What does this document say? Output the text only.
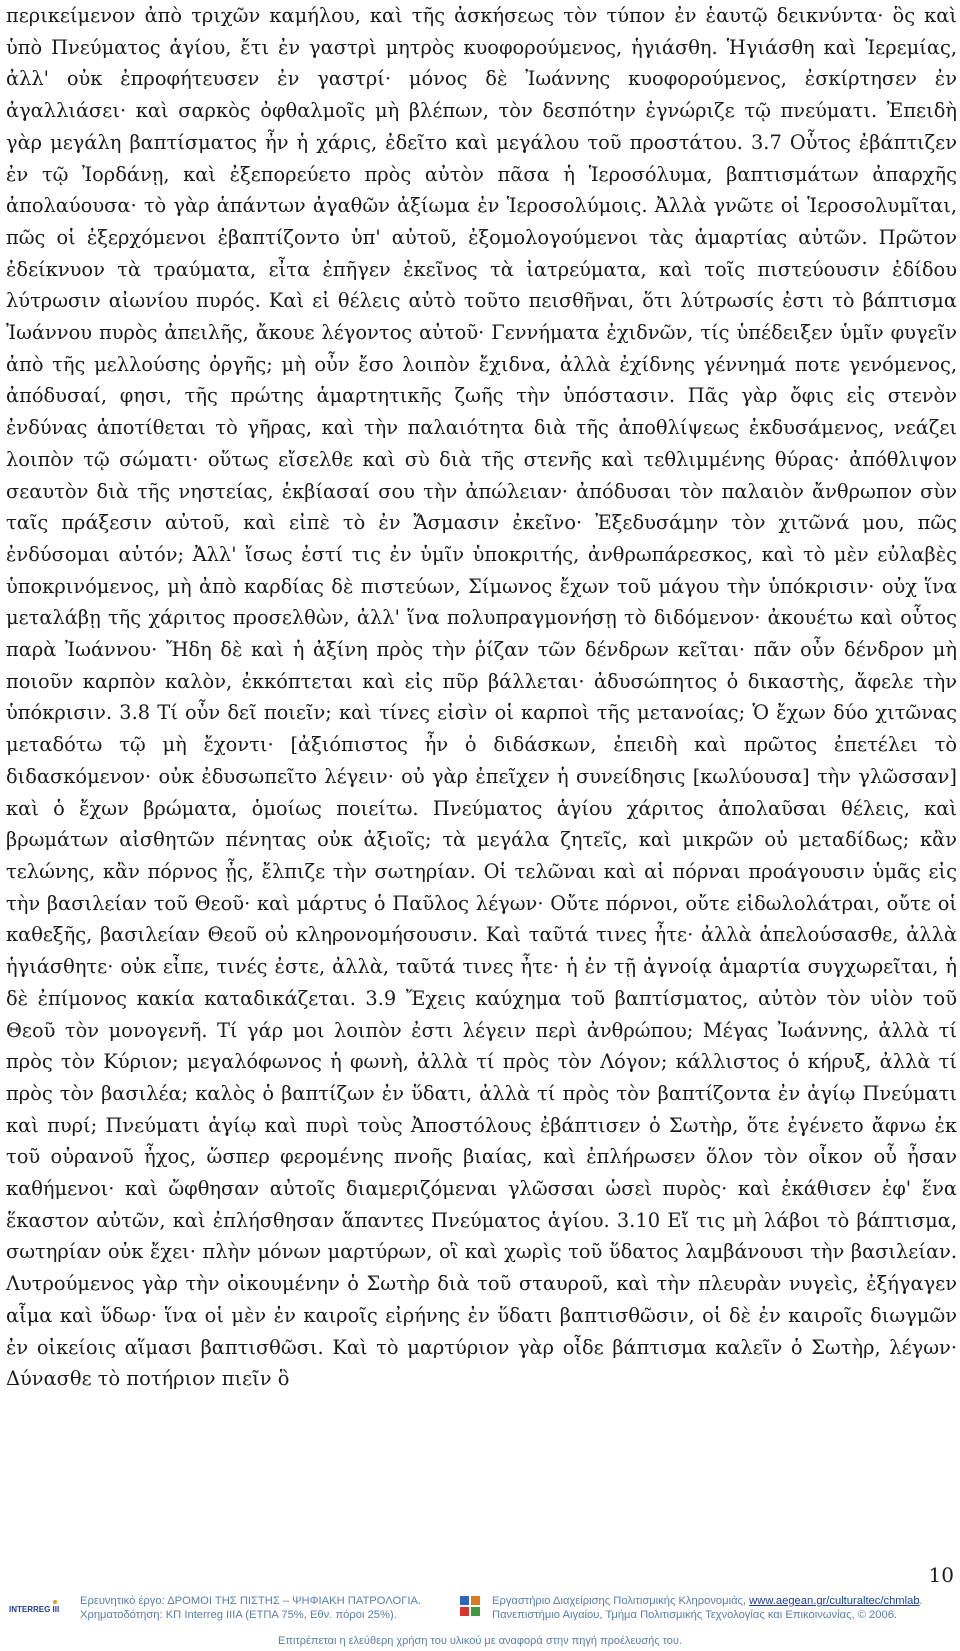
περικείμενον ἀπὸ τριχῶν καμήλου, καὶ τῆς ἀσκήσεως τὸν τύπον ἐν ἑαυτῷ δεικνύντα· ὃς καὶ ὑπὸ Πνεύματος ἁγίου, ἔτι ἐν γαστρὶ μητρὸς κυοφορούμενος, ἡγιάσθη. Ἡγιάσθη καὶ Ἱερεμίας, ἀλλ' οὐκ ἐπροφήτευσεν ἐν γαστρί· μόνος δὲ Ἰωάννης κυοφορούμενος, ἐσκίρτησεν ἐν ἀγαλλιάσει· καὶ σαρκὸς ὀφθαλμοῖς μὴ βλέπων, τὸν δεσπότην ἐγνώριζε τῷ πνεύματι. Ἐπειδὴ γὰρ μεγάλη βαπτίσματος ἦν ἡ χάρις, ἐδεῖτο καὶ μεγάλου τοῦ προστάτου. 3.7 Οὗτος ἐβάπτιζεν ἐν τῷ Ἰορδάνῃ, καὶ ἐξεπορεύετο πρὸς αὐτὸν πᾶσα ἡ Ἱεροσόλυμα, βαπτισμάτων ἀπαρχῆς ἀπολαύουσα· τὸ γὰρ ἁπάντων ἀγαθῶν ἀξίωμα ἐν Ἱεροσολύμοις. Ἀλλὰ γνῶτε οἱ Ἱεροσολυμῖται, πῶς οἱ ἐξερχόμενοι ἐβαπτίζοντο ὑπ' αὐτοῦ, ἐξομολογούμενοι τὰς ἁμαρτίας αὐτῶν. Πρῶτον ἐδείκνυον τὰ τραύματα, εἶτα ἐπῆγεν ἐκεῖνος τὰ ἰατρεύματα, καὶ τοῖς πιστεύουσιν ἐδίδου λύτρωσιν αἰωνίου πυρός. Καὶ εἰ θέλεις αὐτὸ τοῦτο πεισθῆναι, ὅτι λύτρωσίς ἐστι τὸ βάπτισμα Ἰωάννου πυρὸς ἀπειλῆς, ἄκουε λέγοντος αὐτοῦ· Γεννήματα ἐχιδνῶν, τίς ὑπέδειξεν ὑμῖν φυγεῖν ἀπὸ τῆς μελλούσης ὀργῆς; μὴ οὖν ἔσο λοιπὸν ἔχιδνα, ἀλλὰ ἐχίδνης γέννημά ποτε γενόμενος, ἀπόδυσαί, φησι, τῆς πρώτης ἁμαρτητικῆς ζωῆς τὴν ὑπόστασιν. Πᾶς γὰρ ὄφις εἰς στενὸν ἐνδύνας ἀποτίθεται τὸ γῆρας, καὶ τὴν παλαιότητα διὰ τῆς ἀποθλίψεως ἐκδυσάμενος, νεάζει λοιπὸν τῷ σώματι· οὕτως εἴσελθε καὶ σὺ διὰ τῆς στενῆς καὶ τεθλιμμένης θύρας· ἀπόθλιψον σεαυτὸν διὰ τῆς νηστείας, ἐκβίασαί σου τὴν ἀπώλειαν· ἀπόδυσαι τὸν παλαιὸν ἄνθρωπον σὺν ταῖς πράξεσιν αὐτοῦ, καὶ εἰπὲ τὸ ἐν Ἄσμασιν ἐκεῖνο· Ἐξεδυσάμην τὸν χιτῶνά μου, πῶς ἐνδύσομαι αὐτόν; Ἀλλ' ἴσως ἐστί τις ἐν ὑμῖν ὑποκριτής, ἀνθρωπάρεσκος, καὶ τὸ μὲν εὐλαβὲς ὑποκρινόμενος, μὴ ἀπὸ καρδίας δὲ πιστεύων, Σίμωνος ἔχων τοῦ μάγου τὴν ὑπόκρισιν· οὐχ ἵνα μεταλάβῃ τῆς χάριτος προσελθὼν, ἀλλ' ἵνα πολυπραγμονήσῃ τὸ διδόμενον· ἀκουέτω καὶ οὗτος παρὰ Ἰωάννου· Ἤδη δὲ καὶ ἡ ἀξίνη πρὸς τὴν ῥίζαν τῶν δένδρων κεῖται· πᾶν οὖν δένδρον μὴ ποιοῦν καρπὸν καλὸν, ἐκκόπτεται καὶ εἰς πῦρ βάλλεται· ἀδυσώπητος ὁ δικαστὴς, ἄφελε τὴν ὑπόκρισιν. 3.8 Τί οὖν δεῖ ποιεῖν; καὶ τίνες εἰσὶν οἱ καρποὶ τῆς μετανοίας; Ὁ ἔχων δύο χιτῶνας μεταδότω τῷ μὴ ἔχοντι· [ἀξιόπιστος ἦν ὁ διδάσκων, ἐπειδὴ καὶ πρῶτος ἐπετέλει τὸ διδασκόμενον· οὐκ ἐδυσωπεῖτο λέγειν· οὐ γὰρ ἐπεῖχεν ἡ συνείδησις [κωλύουσα] τὴν γλῶσσαν] καὶ ὁ ἔχων βρώματα, ὁμοίως ποιείτω. Πνεύματος ἁγίου χάριτος ἀπολαῦσαι θέλεις, καὶ βρωμάτων αἰσθητῶν πένητας οὐκ ἀξιοῖς; τὰ μεγάλα ζητεῖς, καὶ μικρῶν οὐ μεταδίδως; κἂν τελώνης, κἂν πόρνος ᾖς, ἔλπιζε τὴν σωτηρίαν. Οἱ τελῶναι καὶ αἱ πόρναι προάγουσιν ὑμᾶς εἰς τὴν βασιλείαν τοῦ Θεοῦ· καὶ μάρτυς ὁ Παῦλος λέγων· Οὔτε πόρνοι, οὔτε εἰδωλολάτραι, οὔτε οἱ καθεξῆς, βασιλείαν Θεοῦ οὐ κληρονομήσουσιν. Καὶ ταῦτά τινες ἦτε· ἀλλὰ ἀπελούσασθε, ἀλλὰ ἡγιάσθητε· οὐκ εἶπε, τινές ἐστε, ἀλλὰ, ταῦτά τινες ἦτε· ἡ ἐν τῇ ἀγνοίᾳ ἁμαρτία συγχωρεῖται, ἡ δὲ ἐπίμονος κακία καταδικάζεται. 3.9 Ἔχεις καύχημα τοῦ βαπτίσματος, αὐτὸν τὸν υἱὸν τοῦ Θεοῦ τὸν μονογενῆ. Τί γάρ μοι λοιπὸν ἐστι λέγειν περὶ ἀνθρώπου; Μέγας Ἰωάννης, ἀλλὰ τί πρὸς τὸν Κύριον; μεγαλόφωνος ἡ φωνὴ, ἀλλὰ τί πρὸς τὸν Λόγον; κάλλιστος ὁ κήρυξ, ἀλλὰ τί πρὸς τὸν βασιλέα; καλὸς ὁ βαπτίζων ἐν ὕδατι, ἀλλὰ τί πρὸς τὸν βαπτίζοντα ἐν ἁγίῳ Πνεύματι καὶ πυρί; Πνεύματι ἁγίῳ καὶ πυρὶ τοὺς Ἀποστόλους ἐβάπτισεν ὁ Σωτὴρ, ὅτε ἐγένετο ἄφνω ἐκ τοῦ οὐρανοῦ ἦχος, ὥσπερ φερομένης πνοῆς βιαίας, καὶ ἐπλήρωσεν ὅλον τὸν οἶκον οὗ ἦσαν καθήμενοι· καὶ ὤφθησαν αὐτοῖς διαμεριζόμεναι γλῶσσαι ὡσεὶ πυρὸς· καὶ ἐκάθισεν ἐφ' ἕνα ἕκαστον αὐτῶν, καὶ ἐπλήσθησαν ἅπαντες Πνεύματος ἁγίου. 3.10 Εἴ τις μὴ λάβοι τὸ βάπτισμα, σωτηρίαν οὐκ ἔχει· πλὴν μόνων μαρτύρων, οἳ καὶ χωρὶς τοῦ ὕδατος λαμβάνουσι τὴν βασιλείαν. Λυτρούμενος γὰρ τὴν οἰκουμένην ὁ Σωτὴρ διὰ τοῦ σταυροῦ, καὶ τὴν πλευρὰν νυγεὶς, ἐξήγαγεν αἷμα καὶ ὕδωρ· ἵνα οἱ μὲν ἐν καιροῖς εἰρήνης ἐν ὕδατι βαπτισθῶσιν, οἱ δὲ ἐν καιροῖς διωγμῶν ἐν οἰκείοις αἵμασι βαπτισθῶσι. Καὶ τὸ μαρτύριον γὰρ οἶδε βάπτισμα καλεῖν ὁ Σωτὴρ, λέγων· Δύνασθε τὸ ποτήριον πιεῖν ὃ

10
INTERREG III
Ερευνητικό έργο: ΔΡΟΜΟΙ ΤΗΣ ΠΙΣΤΗΣ – ΨΗΦΙΑΚΗ ΠΑΤΡΟΛΟΓΙΑ.
Χρηματοδότηση: ΚΠ Interreg IIIA (ΕΤΠΑ 75%, Εθν. πόροι 25%).
Εργαστήριο Διαχείρισης Πολιτισμικής Κληρονομιάς, www.aegean.gr/culturaltec/chmlab.
Πανεπιστήμιο Αιγαίου, Τμήμα Πολιτισμικής Τεχνολογίας και Επικοινωνίας, © 2006.
Επιτρέπεται η ελεύθερη χρήση του υλικού με αναφορά στην πηγή προέλευσής του.
